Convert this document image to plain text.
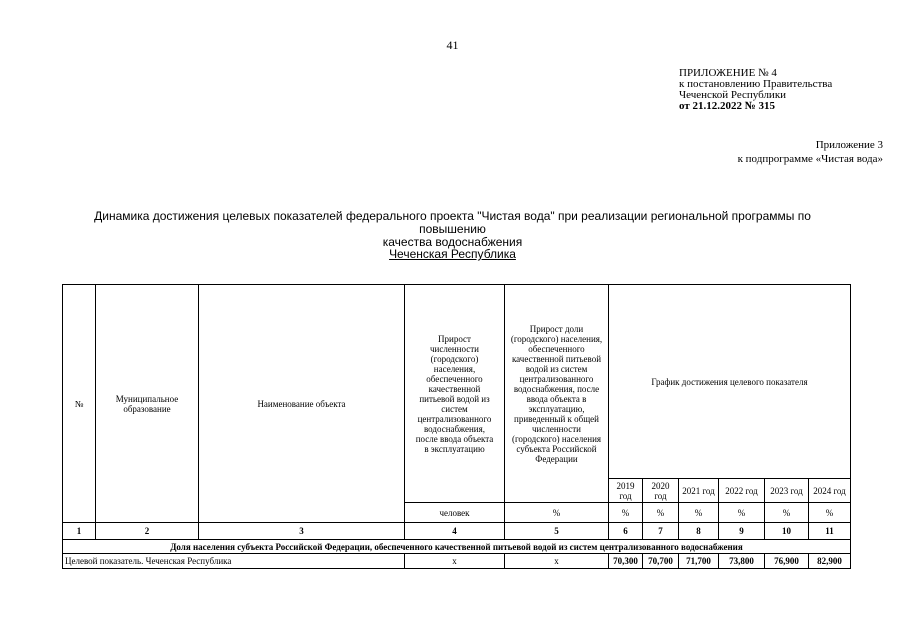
41
ПРИЛОЖЕНИЕ № 4
к постановлению Правительства
Чеченской Республики
от 21.12.2022 № 315
Приложение 3
к подпрограмме «Чистая вода»
Динамика достижения целевых показателей федерального проекта "Чистая вода" при реализации региональной программы по повышению
качества водоснабжения
Чеченская Республика
№	Муниципальное образование	Наименование объекта	Прирост численности (городского) населения, обеспеченного качественной питьевой водой из систем централизованного водоснабжения, после ввода объекта в эксплуатацию	Прирост доли (городского) населения, обеспеченного качественной питьевой водой из систем централизованного водоснабжения, после ввода объекта в эксплуатацию, приведенный к общей численности (городского) населения субъекта Российской Федерации	График достижения целевого показателя					
					2019 год	2020 год	2021 год	2022 год	2023 год	2024 год
			человек	%	%	%	%	%	%	%
1	2	3	4	5	6	7	8	9	10	11
Доля населения субъекта Российской Федерации, обеспеченного качественной питьевой водой из систем централизованного водоснабжения										
Целевой показатель. Чеченская Республика			х	х	70,300	70,700	71,700	73,800	76,900	82,900
